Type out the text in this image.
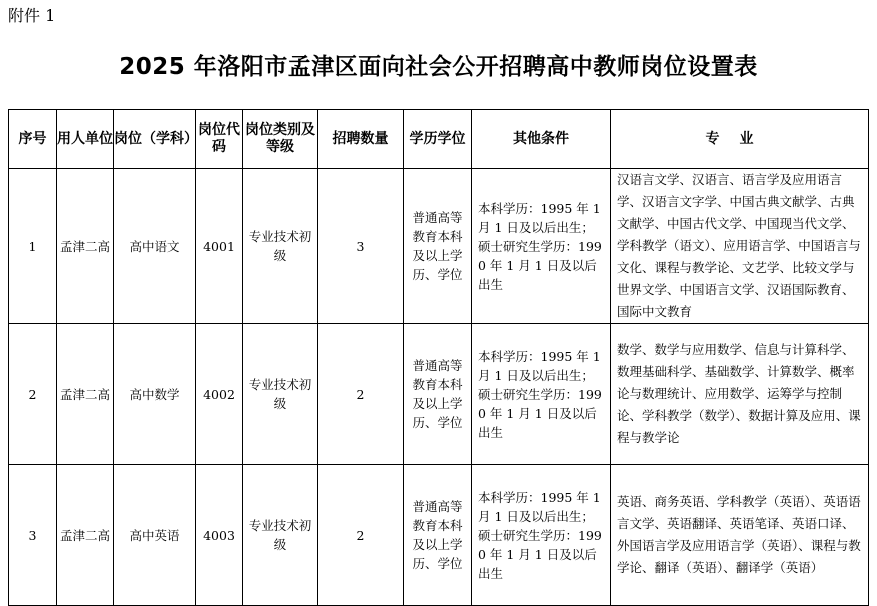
附件 1
2025 年洛阳市孟津区面向社会公开招聘高中教师岗位设置表
序号	用人单位	岗位（学科）	岗位代码	岗位类别及等级	招聘数量	学历学位	其他条件	专业
1	孟津二高	高中语文	4001	专业技术初级	3	普通高等教育本科及以上学历、学位	本科学历：1995 年 1 月 1 日及以后出生；硕士研究生学历：1990 年 1 月 1 日及以后出生	汉语言文学、汉语言、语言学及应用语言学、汉语言文字学、中国古典文献学、古典文献学、中国古代文学、中国现当代文学、学科教学（语文）、应用语言学、中国语言与文化、课程与教学论、文艺学、比较文学与世界文学、中国语言文学、汉语国际教育、国际中文教育
2	孟津二高	高中数学	4002	专业技术初级	2	普通高等教育本科及以上学历、学位	本科学历：1995 年 1 月 1 日及以后出生；硕士研究生学历：1990 年 1 月 1 日及以后出生	数学、数学与应用数学、信息与计算科学、数理基础科学、基础数学、计算数学、概率论与数理统计、应用数学、运筹学与控制论、学科教学（数学）、数据计算及应用、课程与教学论
3	孟津二高	高中英语	4003	专业技术初级	2	普通高等教育本科及以上学历、学位	本科学历：1995 年 1 月 1 日及以后出生；硕士研究生学历：1990 年 1 月 1 日及以后出生	英语、商务英语、学科教学（英语）、英语语言文学、英语翻译、英语笔译、英语口译、外国语言学及应用语言学（英语）、课程与教学论、翻译（英语）、翻译学（英语）
